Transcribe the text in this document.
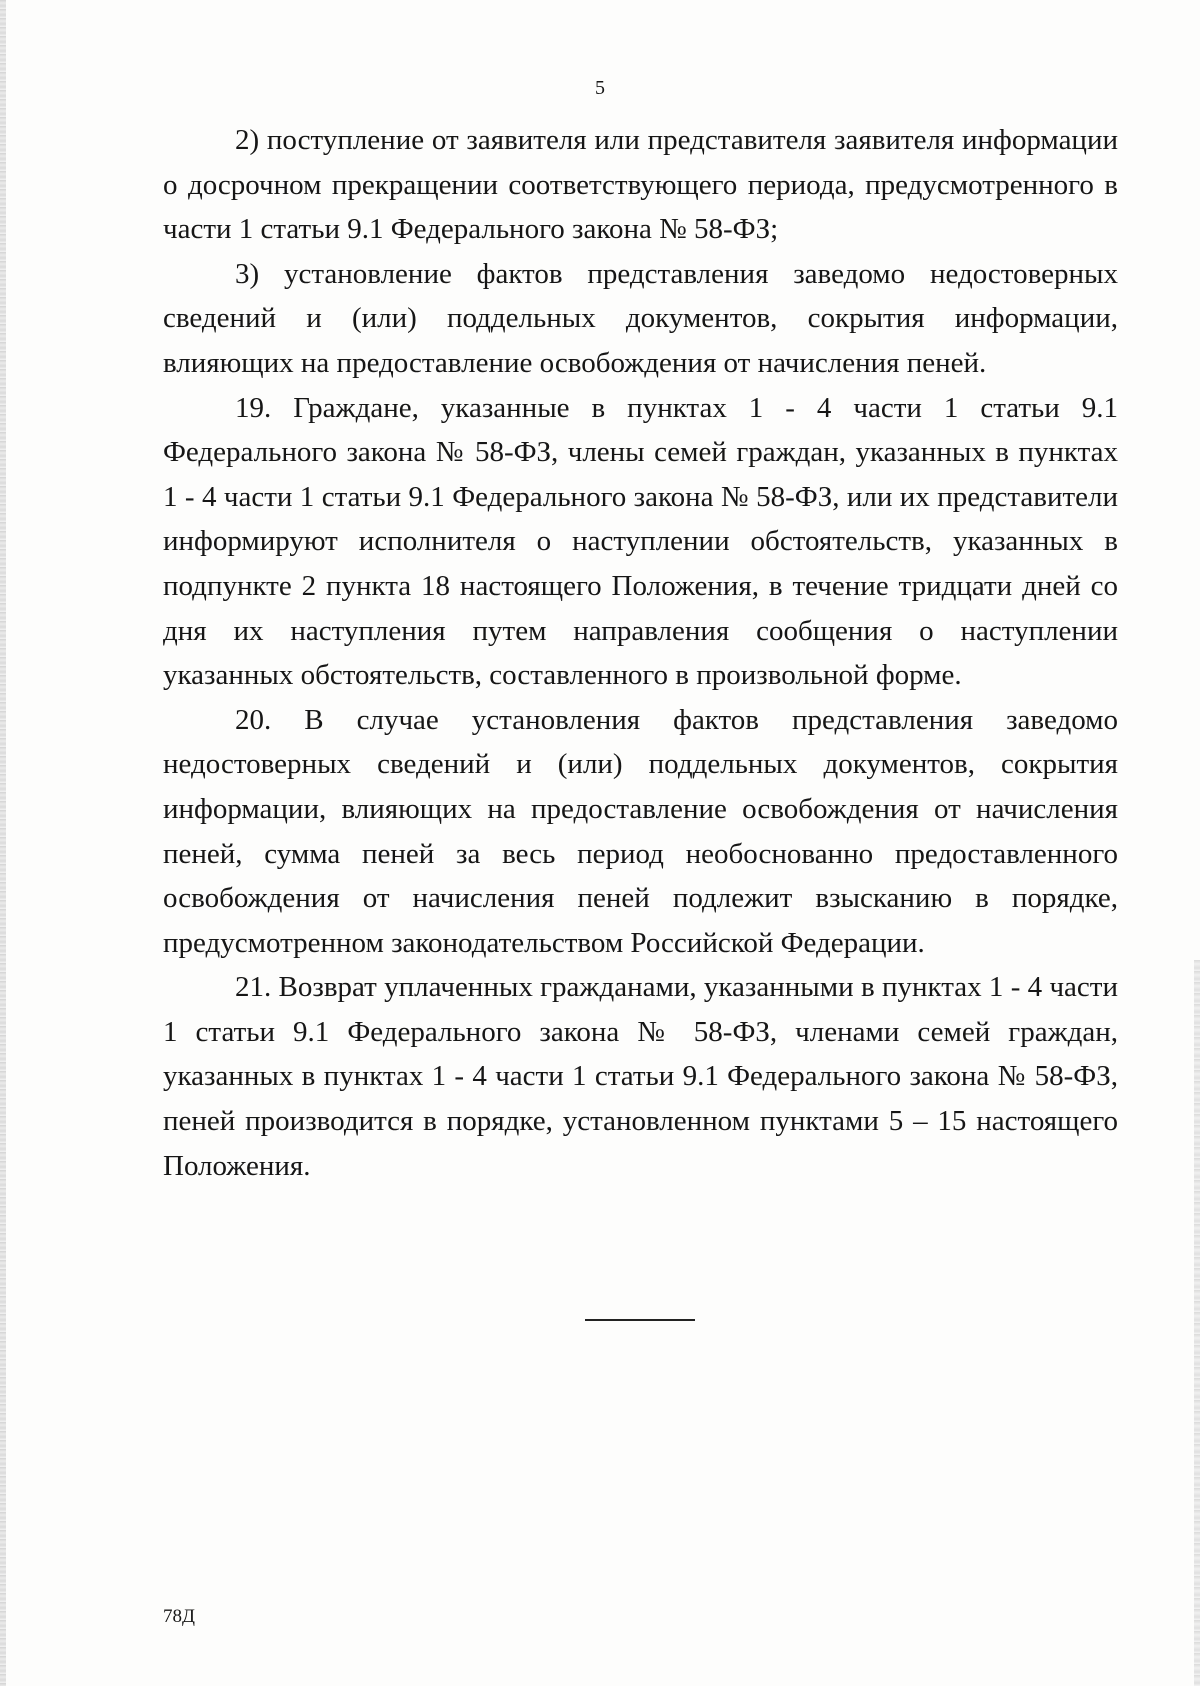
5

2) поступление от заявителя или представителя заявителя информации о досрочном прекращении соответствующего периода, предусмотренного в части 1 статьи 9.1 Федерального закона № 58-ФЗ;

3) установление фактов представления заведомо недостоверных сведений и (или) поддельных документов, сокрытия информации, влияющих на предоставление освобождения от начисления пеней.

19. Граждане, указанные в пунктах 1 - 4 части 1 статьи 9.1 Федерального закона № 58-ФЗ, члены семей граждан, указанных в пунктах 1 - 4 части 1 статьи 9.1 Федерального закона № 58-ФЗ, или их представители информируют исполнителя о наступлении обстоятельств, указанных в подпункте 2 пункта 18 настоящего Положения, в течение тридцати дней со дня их наступления путем направления сообщения о наступлении указанных обстоятельств, составленного в произвольной форме.

20. В случае установления фактов представления заведомо недостоверных сведений и (или) поддельных документов, сокрытия информации, влияющих на предоставление освобождения от начисления пеней, сумма пеней за весь период необоснованно предоставленного освобождения от начисления пеней подлежит взысканию в порядке, предусмотренном законодательством Российской Федерации.

21. Возврат уплаченных гражданами, указанными в пунктах 1 - 4 части 1 статьи 9.1 Федерального закона № 58-ФЗ, членами семей граждан, указанных в пунктах 1 - 4 части 1 статьи 9.1 Федерального закона № 58-ФЗ, пеней производится в порядке, установленном пунктами 5 – 15 настоящего Положения.

78Д
